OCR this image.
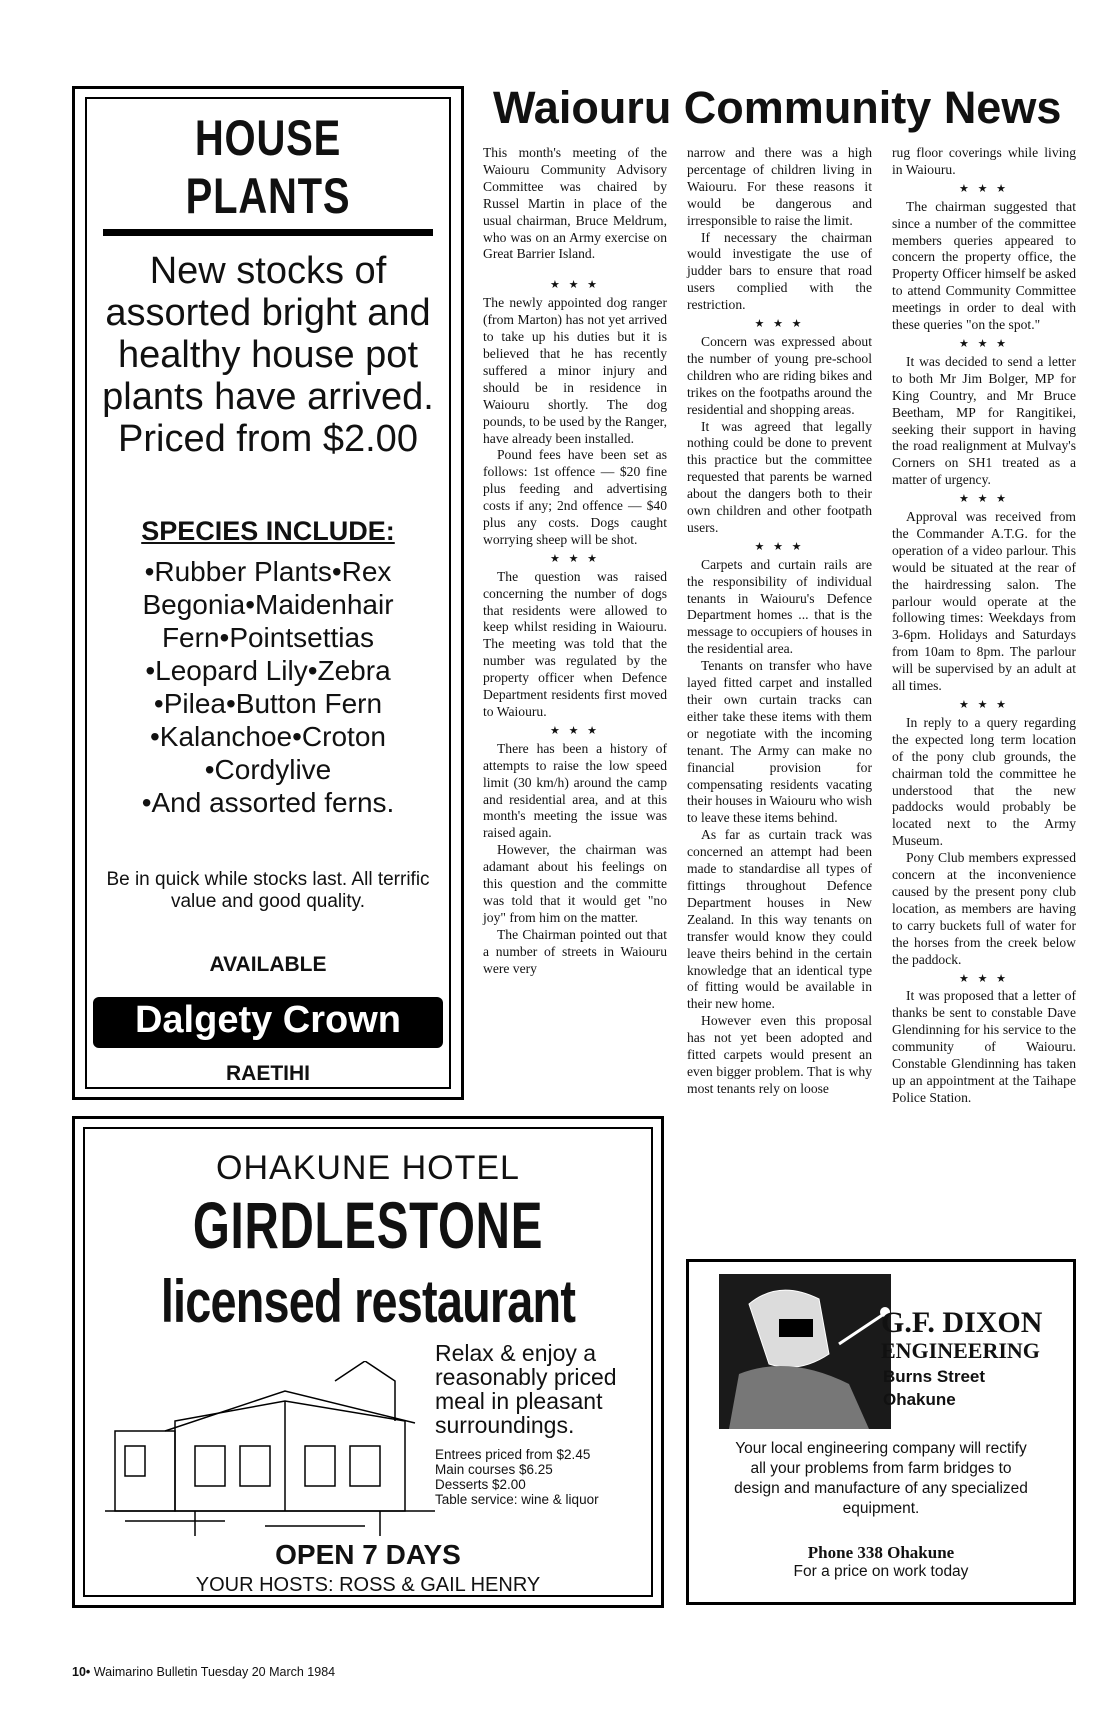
HOUSE PLANTS
New stocks of assorted bright and healthy house pot plants have arrived. Priced from $2.00
SPECIES INCLUDE:
•Rubber Plants•Rex
Begonia•Maidenhair
Fern•Pointsettias
•Leopard Lily•Zebra
•Pilea•Button Fern
•Kalanchoe•Croton
•Cordylive
•And assorted ferns.
Be in quick while stocks last. All terrific value and good quality.
AVAILABLE
Dalgety Crown
RAETIHI
Waiouru Community News

This month's meeting of the Waiouru Community Advisory Committee was chaired by Russel Martin in place of the usual chairman, Bruce Meldrum, who was on an Army exercise on Great Barrier Island.

★ ★ ★

The newly appointed dog ranger (from Marton) has not yet arrived to take up his duties but it is believed that he has recently suffered a minor injury and should be in residence in Waiouru shortly. The dog pounds, to be used by the Ranger, have already been installed.

Pound fees have been set as follows: 1st offence — $20 fine plus feeding and advertising costs if any; 2nd offence — $40 plus any costs. Dogs caught worrying sheep will be shot.

★ ★ ★

The question was raised concerning the number of dogs that residents were allowed to keep whilst residing in Waiouru. The meeting was told that the number was regulated by the property officer when Defence Department residents first moved to Waiouru.

★ ★ ★

There has been a history of attempts to raise the low speed limit (30 km/h) around the camp and residential area, and at this month's meeting the issue was raised again.

However, the chairman was adamant about his feelings on this question and the committe was told that it would get "no joy" from him on the matter.

The Chairman pointed out that a number of streets in Waiouru were very

narrow and there was a high percentage of children living in Waiouru. For these reasons it would be dangerous and irresponsible to raise the limit.

If necessary the chairman would investigate the use of judder bars to ensure that road users complied with the restriction.

★ ★ ★

Concern was expressed about the number of young pre-school children who are riding bikes and trikes on the footpaths around the residential and shopping areas.

It was agreed that legally nothing could be done to prevent this practice but the committee requested that parents be warned about the dangers both to their own children and other footpath users.

★ ★ ★

Carpets and curtain rails are the responsibility of individual tenants in Waiouru's Defence Department homes ... that is the message to occupiers of houses in the residential area.

Tenants on transfer who have layed fitted carpet and installed their own curtain tracks can either take these items with them or negotiate with the incoming tenant. The Army can make no financial provision for compensating residents vacating their houses in Waiouru who wish to leave these items behind.

As far as curtain track was concerned an attempt had been made to standardise all types of fittings throughout Defence Department houses in New Zealand. In this way tenants on transfer would know they could leave theirs behind in the certain knowledge that an identical type of fitting would be available in their new home.

However even this proposal has not yet been adopted and fitted carpets would present an even bigger problem. That is why most tenants rely on loose

rug floor coverings while living in Waiouru.

★ ★ ★

The chairman suggested that since a number of the committee members queries appeared to concern the property office, the Property Officer himself be asked to attend Community Committee meetings in order to deal with these queries "on the spot."

★ ★ ★

It was decided to send a letter to both Mr Jim Bolger, MP for King Country, and Mr Bruce Beetham, MP for Rangitikei, seeking their support in having the road realignment at Mulvay's Corners on SH1 treated as a matter of urgency.

★ ★ ★

Approval was received from the Commander A.T.G. for the operation of a video parlour. This would be situated at the rear of the hairdressing salon. The parlour would operate at the following times: Weekdays from 3-6pm. Holidays and Saturdays from 10am to 8pm. The parlour will be supervised by an adult at all times.

★ ★ ★

In reply to a query regarding the expected long term location of the pony club grounds, the chairman told the committee he understood that the new paddocks would probably be located next to the Army Museum.

Pony Club members expressed concern at the inconvenience caused by the present pony club location, as members are having to carry buckets full of water for the horses from the creek below the paddock.

★ ★ ★

It was proposed that a letter of thanks be sent to constable Dave Glendinning for his service to the community of Waiouru. Constable Glendinning has taken up an appointment at the Taihape Police Station.

OHAKUNE HOTEL
GIRDLESTONE
licensed restaurant
Relax & enjoy a reasonably priced meal in pleasant surroundings.
Entrees priced from $2.45
Main courses $6.25
Desserts $2.00
Table service: wine & liquor
OPEN 7 DAYS
YOUR HOSTS: ROSS & GAIL HENRY
G.F. DIXON
ENGINEERING
Burns Street
Ohakune
Your local engineering company will rectify all your problems from farm bridges to design and manufacture of any specialized equipment.
Phone 338 Ohakune
For a price on work today
10• Waimarino Bulletin Tuesday 20 March 1984
